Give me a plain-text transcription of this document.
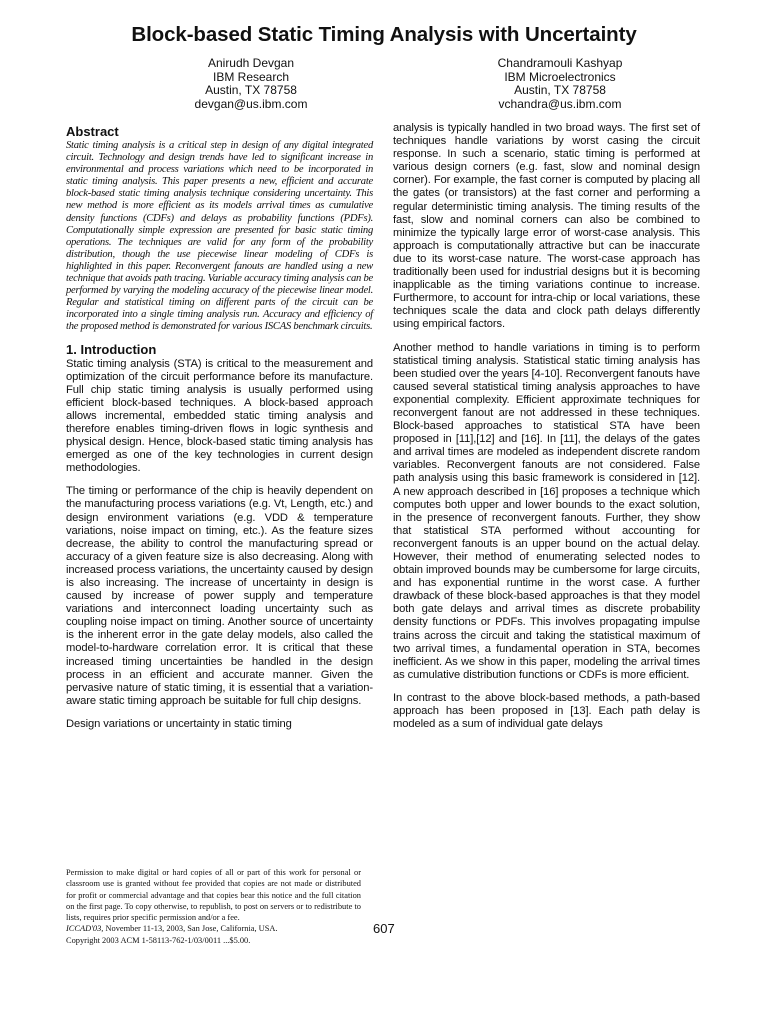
Block-based Static Timing Analysis with Uncertainty
Anirudh Devgan
IBM Research
Austin, TX 78758
devgan@us.ibm.com
Chandramouli Kashyap
IBM Microelectronics
Austin, TX 78758
vchandra@us.ibm.com
Abstract

Static timing analysis is a critical step in design of any digital integrated circuit. Technology and design trends have led to significant increase in environmental and process variations which need to be incorporated in static timing analysis. This paper presents a new, efficient and accurate block-based static timing analysis technique considering uncertainty. This new method is more efficient as its models arrival times as cumulative density functions (CDFs) and delays as probability functions (PDFs). Computationally simple expression are presented for basic static timing operations. The techniques are valid for any form of the probability distribution, though the use piecewise linear modeling of CDFs is highlighted in this paper. Reconvergent fanouts are handled using a new technique that avoids path tracing. Variable accuracy timing analysis can be performed by varying the modeling accuracy of the piecewise linear model. Regular and statistical timing on different parts of the circuit can be incorporated into a single timing analysis run. Accuracy and efficiency of the proposed method is demonstrated for various ISCAS benchmark circuits.

1. Introduction

Static timing analysis (STA) is critical to the measurement and optimization of the circuit performance before its manufacture. Full chip static timing analysis is usually performed using efficient block-based techniques. A block-based approach allows incremental, embedded static timing analysis and therefore enables timing-driven flows in logic synthesis and physical design. Hence, block-based static timing analysis has emerged as one of the key technologies in current design methodologies.

The timing or performance of the chip is heavily dependent on the manufacturing process variations (e.g. Vt, Length, etc.) and design environment variations (e.g. VDD & temperature variations, noise impact on timing, etc.). As the feature sizes decrease, the ability to control the manufacturing spread or accuracy of a given feature size is also decreasing. Along with increased process variations, the uncertainty caused by design is also increasing. The increase of uncertainty in design is caused by increase of power supply and temperature variations and interconnect loading uncertainty such as coupling noise impact on timing. Another source of uncertainty is the inherent error in the gate delay models, also called the model-to-hardware correlation error. It is critical that these increased timing uncertainties be handled in the design process in an efficient and accurate manner. Given the pervasive nature of static timing, it is essential that a variation-aware static timing approach be suitable for full chip designs.

Design variations or uncertainty in static timing

analysis is typically handled in two broad ways. The first set of techniques handle variations by worst casing the circuit response. In such a scenario, static timing is performed at various design corners (e.g. fast, slow and nominal design corner). For example, the fast corner is computed by placing all the gates (or transistors) at the fast corner and performing a regular deterministic timing analysis. The timing results of the fast, slow and nominal corners can also be combined to minimize the typically large error of worst-case analysis. This approach is computationally attractive but can be inaccurate due to its worst-case nature. The worst-case approach has traditionally been used for industrial designs but it is becoming inapplicable as the timing variations continue to increase. Furthermore, to account for intra-chip or local variations, these techniques scale the data and clock path delays differently using empirical factors.

Another method to handle variations in timing is to perform statistical timing analysis. Statistical static timing analysis has been studied over the years [4-10]. Reconvergent fanouts have caused several statistical timing analysis approaches to have exponential complexity. Efficient approximate techniques for reconvergent fanout are not addressed in these techniques. Block-based approaches to statistical STA have been proposed in [11],[12] and [16]. In [11], the delays of the gates and arrival times are modeled as independent discrete random variables. Reconvergent fanouts are not considered. False path analysis using this basic framework is considered in [12]. A new approach described in [16] proposes a technique which computes both upper and lower bounds to the exact solution, in the presence of reconvergent fanouts. Further, they show that statistical STA performed without accounting for reconvergent fanouts is an upper bound on the actual delay. However, their method of enumerating selected nodes to obtain improved bounds may be cumbersome for large circuits, and has exponential runtime in the worst case. A further drawback of these block-based approaches is that they model both gate delays and arrival times as discrete probability density functions or PDFs. This involves propagating impulse trains across the circuit and taking the statistical maximum of two arrival times, a fundamental operation in STA, becomes inefficient. As we show in this paper, modeling the arrival times as cumulative distribution functions or CDFs is more efficient.

In contrast to the above block-based methods, a path-based approach has been proposed in [13]. Each path delay is modeled as a sum of individual gate delays

Permission to make digital or hard copies of all or part of this work for personal or classroom use is granted without fee provided that copies are not made or distributed for profit or commercial advantage and that copies bear this notice and the full citation on the first page. To copy otherwise, to republish, to post on servers or to redistribute to lists, requires prior specific permission and/or a fee.
ICCAD'03, November 11-13, 2003, San Jose, California, USA.
Copyright 2003 ACM 1-58113-762-1/03/0011 ...$5.00.
607
